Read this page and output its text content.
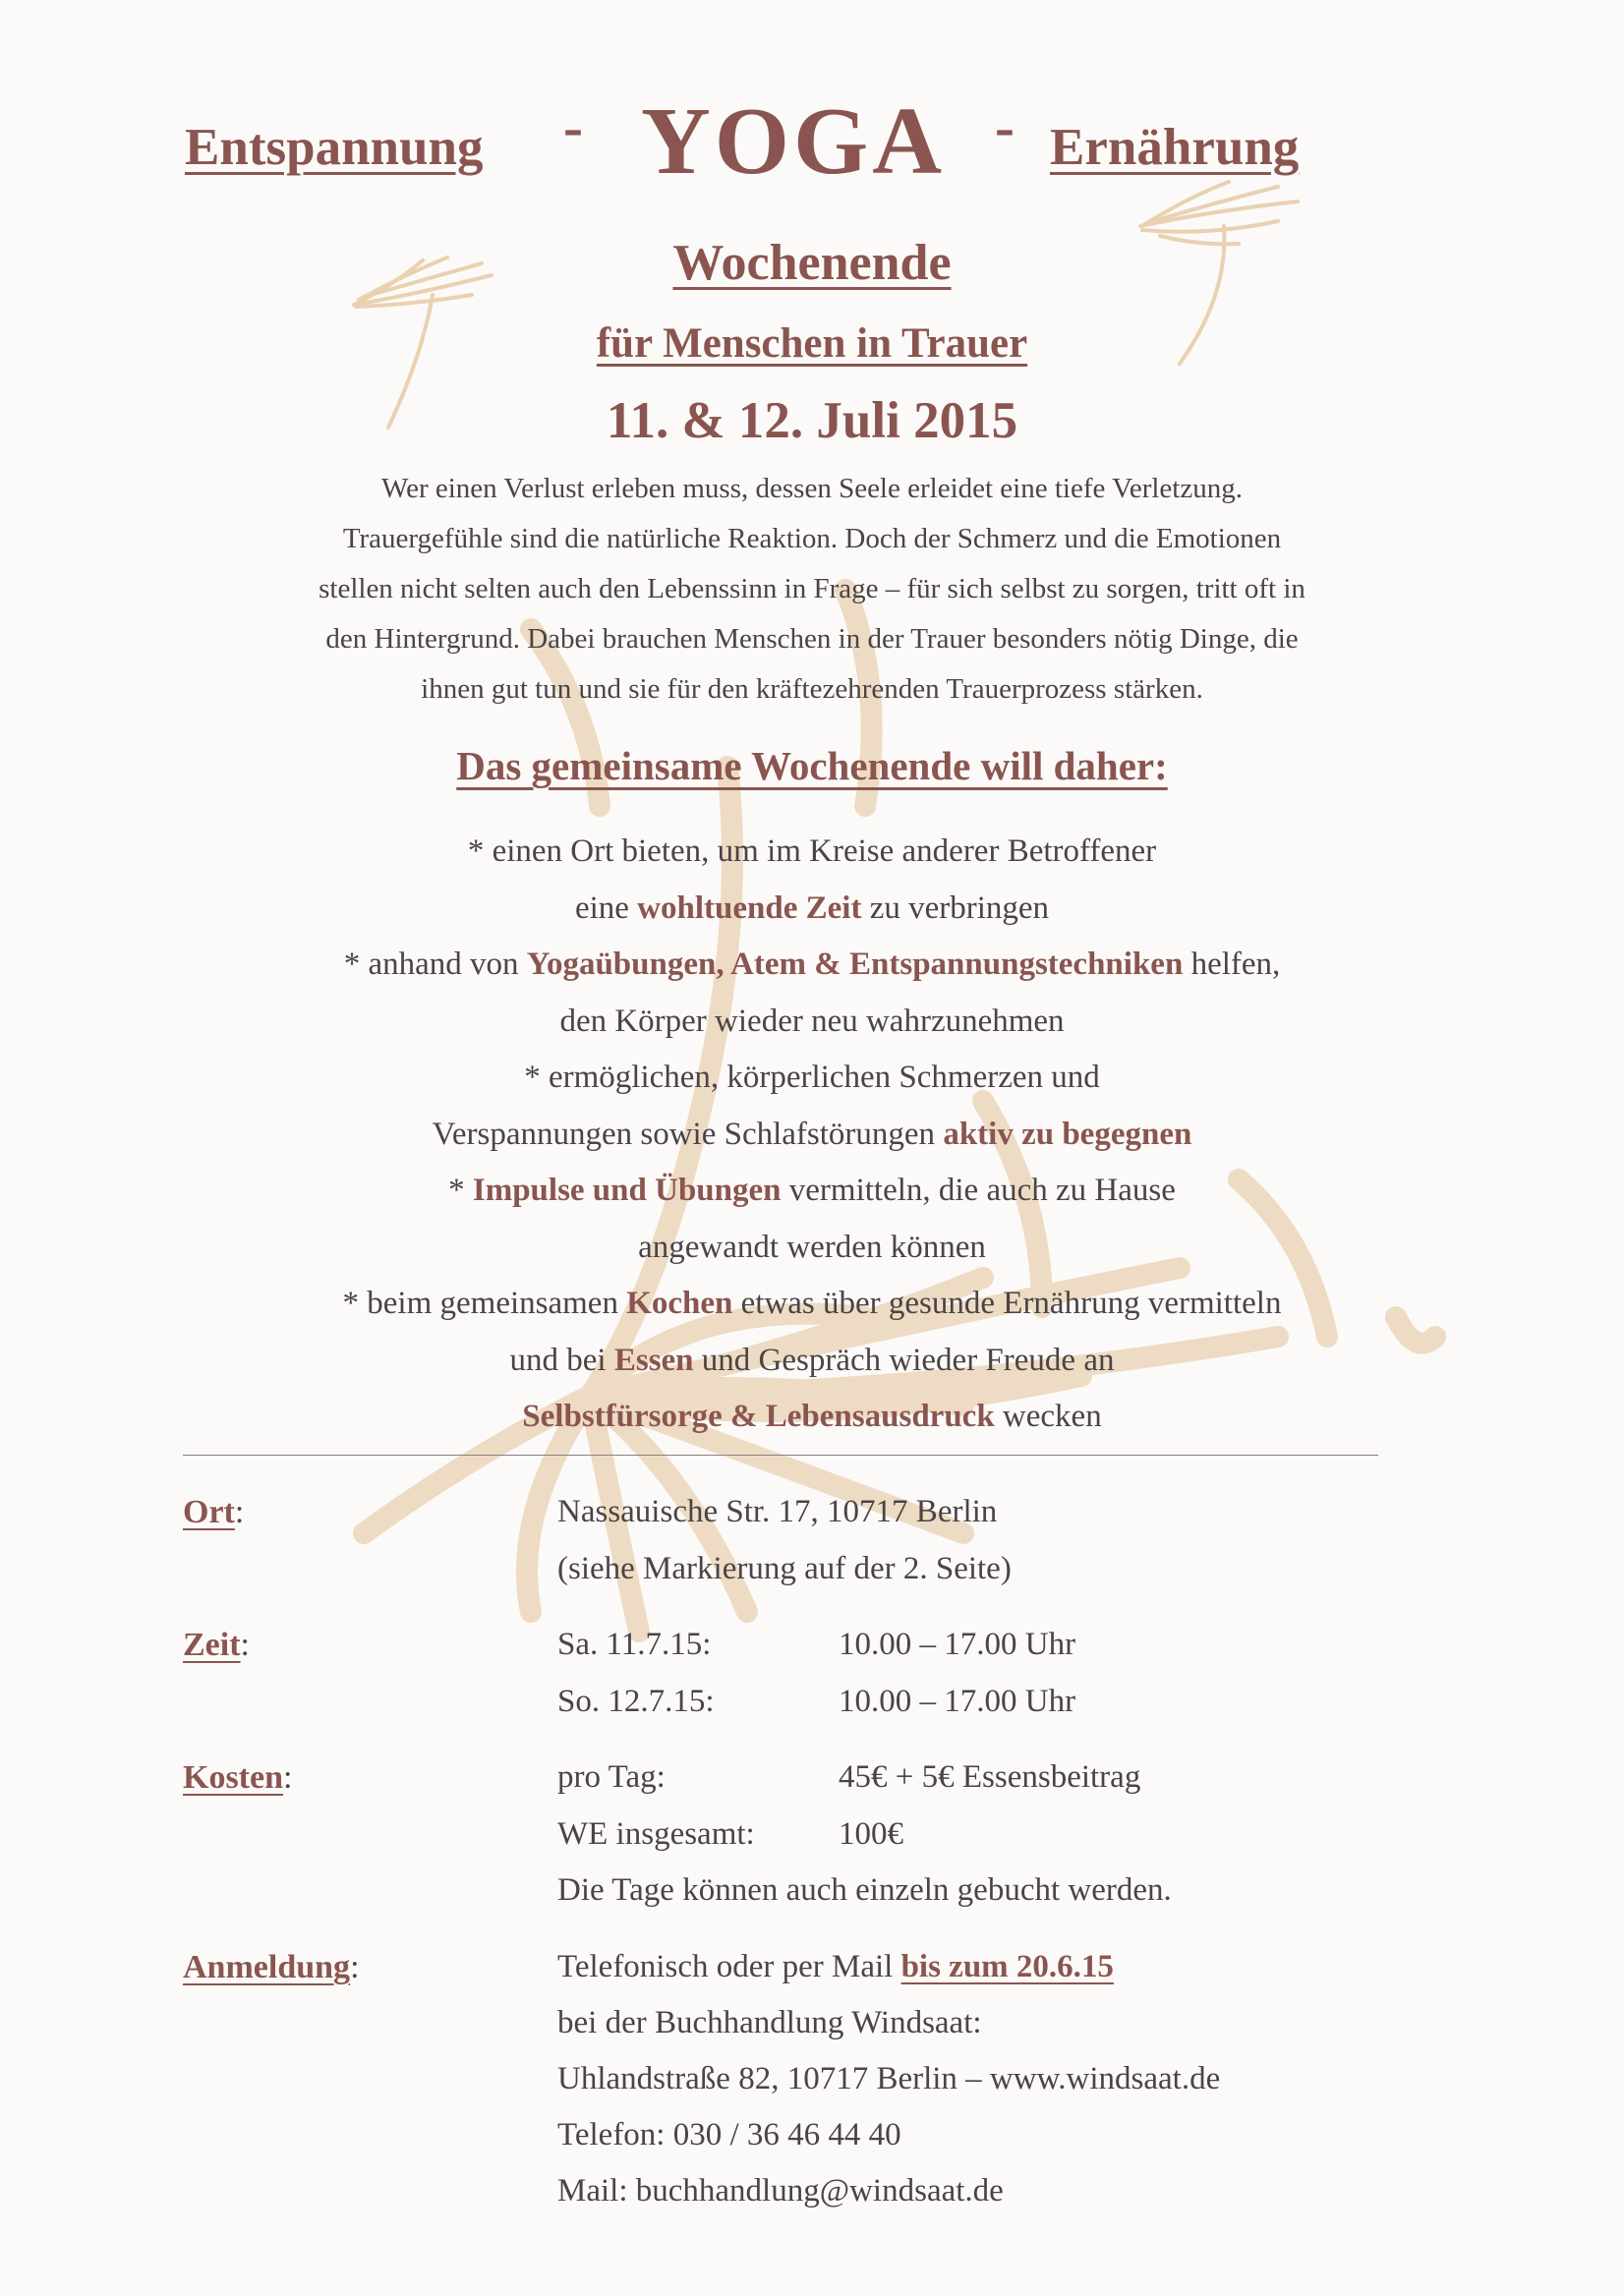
Entspannung - YOGA - Ernährung
Wochenende
für Menschen in Trauer
11. & 12. Juli 2015
Wer einen Verlust erleben muss, dessen Seele erleidet eine tiefe Verletzung.
Trauergefühle sind die natürliche Reaktion. Doch der Schmerz und die Emotionen
stellen nicht selten auch den Lebenssinn in Frage – für sich selbst zu sorgen, tritt oft in
den Hintergrund. Dabei brauchen Menschen in der Trauer besonders nötig Dinge, die
ihnen gut tun und sie für den kräftezehrenden Trauerprozess stärken.
Das gemeinsame Wochenende will daher:
* einen Ort bieten, um im Kreise anderer Betroffener
eine wohltuende Zeit zu verbringen
* anhand von Yogaübungen, Atem & Entspannungstechniken helfen,
den Körper wieder neu wahrzunehmen
* ermöglichen, körperlichen Schmerzen und
Verspannungen sowie Schlafstörungen aktiv zu begegnen
* Impulse und Übungen vermitteln, die auch zu Hause
angewandt werden können
* beim gemeinsamen Kochen etwas über gesunde Ernährung vermitteln
und bei Essen und Gespräch wieder Freude an
Selbstfürsorge & Lebensausdruck wecken
Ort:	Nassauische Str. 17, 10717 Berlin
(siehe Markierung auf der 2. Seite)
Zeit:	Sa. 11.7.15:	10.00 – 17.00 Uhr
So. 12.7.15:	10.00 – 17.00 Uhr
Kosten:	pro Tag:	45€ + 5€ Essensbeitrag
WE insgesamt:	100€
Die Tage können auch einzeln gebucht werden.
Anmeldung:	Telefonisch oder per Mail bis zum 20.6.15
bei der Buchhandlung Windsaat:
Uhlandstraße 82, 10717 Berlin – www.windsaat.de
Telefon: 030 / 36 46 44 40
Mail: buchhandlung@windsaat.de
